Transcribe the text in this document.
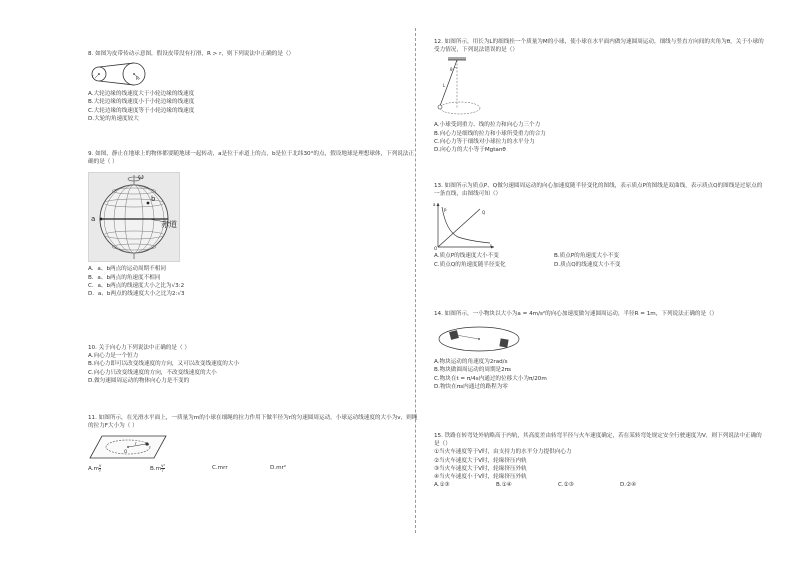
8. 如图为皮带传动示意图，假设皮带没有打滑，R > r，则下列说法中正确的是（）

r	R

A.大轮边缘的线速度大于小轮边缘的线速度

B.大轮边缘的线速度小于小轮边缘的线速度

C.大轮边缘的线速度等于小轮边缘的线速度

D.大轮的角速度较大

9. 如图，静止在地球上的物体都要随地球一起转动，a是位于赤道上的点，b是位于北纬30°的点，假设地球是理想球体，下列说法正确的是（ ）

a
b
赤道
ω

A．a、b两点的运动周期不相同

B．a、b两点的角速度不相同

C．a、b两点的线速度大小之比为√3:2

D．a、b两点的线速度大小之比为2:√3

10. 关于向心力下列说法中正确的是（ ）

A.向心力是一个恒力

B.向心力即可以改变线速度的方向，又可以改变线速度的大小

C.向心力只改变线速度的方向，不改变线速度的大小

D.做匀速圆周运动的物体向心力是不变的

11. 如图所示，在光滑水平面上，一质量为m的小球在细绳的拉力作用下做半径为r的匀速圆周运动，小球运动线速度的大小为v，则绳的拉力F大小为（ ）

r
O
$A.m \frac{v}{r}$	$B.m \frac{\text{v²}}{r}$	C.mrr	D.mr²

12. 如图所示，用长为L的细线拴一个质量为M的小球，使小球在水平面内做匀速圆周运动，细线与竖直方向间的夹角为θ，关于小球的受力情况，下列说法错误的是（）

θ
L

A.小球受到重力、线的拉力和向心力三个力

B.向心力是细线的拉力和小球所受重力的合力

C.向心力等于细线对小球拉力的水平分力

D.向心力的大小等于Mgtanθ

13. 如图所示为质点P、Q做匀速圆周运动的向心加速度随半径变化的图线，表示质点P的图线是双曲线，表示质点Q的图线是过原点的一条直线，由图线可知（）

a
P	Q
O
r
A.质点P的线速度大小不变	B.质点P的角速度大小不变
C.质点Q的角速度随半径变化	D.质点Q的线速度大小不变

14. 如图所示，一小物块以大小为a = 4m/s²的向心加速度做匀速圆周运动，半径R = 1m，下列说法正确的是（）

A.物块运动的角速度为2rad/s

B.物块做圆周运动的周期是2πs

C.物块在t = π/4s内通过的位移大小为π/20m

D.物块在πs内通过的路程为零

15. 铁路在转弯处外轨略高于内轨，其高度差由转弯半径与火车速度确定，若在某转弯处规定安全行驶速度为V，则下列说法中正确的是（）

①当火车速度等于V时，由支持力的水平分力提供向心力

②当火车速度大于V时，轮缘挤压内轨

③当火车速度大于V时，轮缘挤压外轨

④当火车速度小于V时，轮缘挤压外轨

A.①③	B.①④	C.②③	D.②④
